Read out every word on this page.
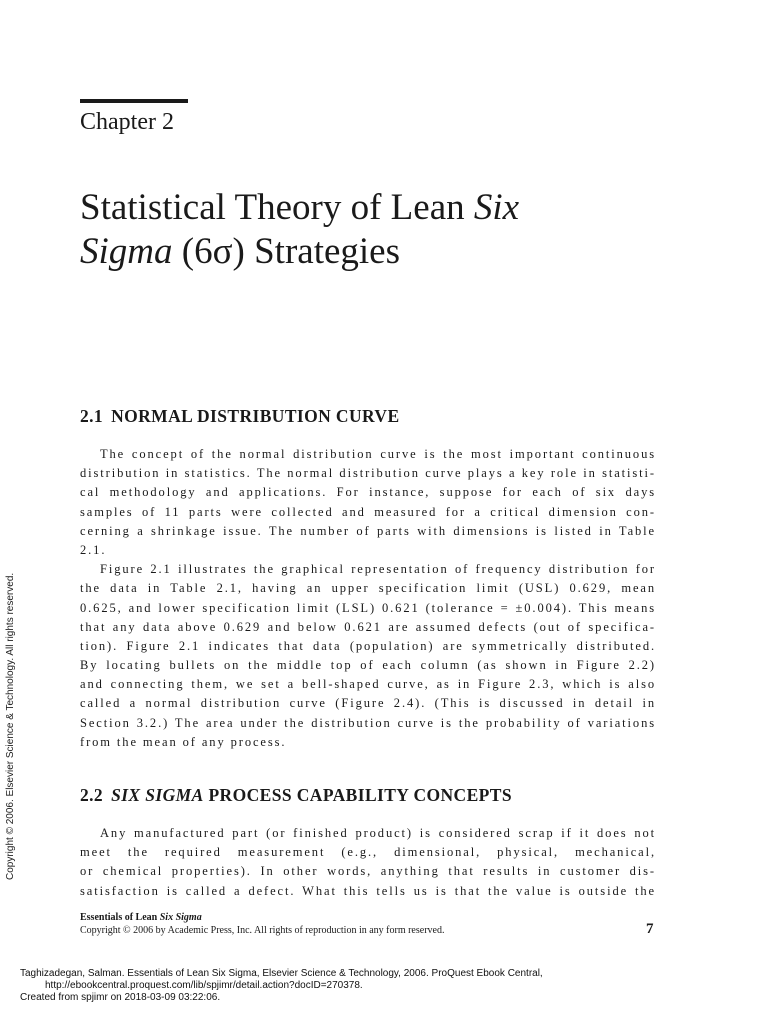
Chapter 2
Statistical Theory of Lean Six
Sigma (6σ) Strategies
2.1 NORMAL DISTRIBUTION CURVE
The concept of the normal distribution curve is the most important continuous
distribution in statistics. The normal distribution curve plays a key role in statisti-
cal methodology and applications. For instance, suppose for each of six days
samples of 11 parts were collected and measured for a critical dimension con-
cerning a shrinkage issue. The number of parts with dimensions is listed in Table
2.1.
Figure 2.1 illustrates the graphical representation of frequency distribution for
the data in Table 2.1, having an upper specification limit (USL) 0.629, mean
0.625, and lower specification limit (LSL) 0.621 (tolerance = ±0.004). This means
that any data above 0.629 and below 0.621 are assumed defects (out of specifica-
tion). Figure 2.1 indicates that data (population) are symmetrically distributed.
By locating bullets on the middle top of each column (as shown in Figure 2.2)
and connecting them, we set a bell-shaped curve, as in Figure 2.3, which is also
called a normal distribution curve (Figure 2.4). (This is discussed in detail in
Section 3.2.) The area under the distribution curve is the probability of variations
from the mean of any process.
2.2 SIX SIGMA PROCESS CAPABILITY CONCEPTS
Any manufactured part (or finished product) is considered scrap if it does not
meet the required measurement (e.g., dimensional, physical, mechanical,
or chemical properties). In other words, anything that results in customer dis-
satisfaction is called a defect. What this tells us is that the value is outside the
Essentials of Lean Six Sigma
Copyright © 2006 by Academic Press, Inc. All rights of reproduction in any form reserved.	7
Copyright © 2006. Elsevier Science & Technology. All rights reserved.
Taghizadegan, Salman. Essentials of Lean Six Sigma, Elsevier Science & Technology, 2006. ProQuest Ebook Central,
http://ebookcentral.proquest.com/lib/spjimr/detail.action?docID=270378.
Created from spjimr on 2018-03-09 03:22:06.
